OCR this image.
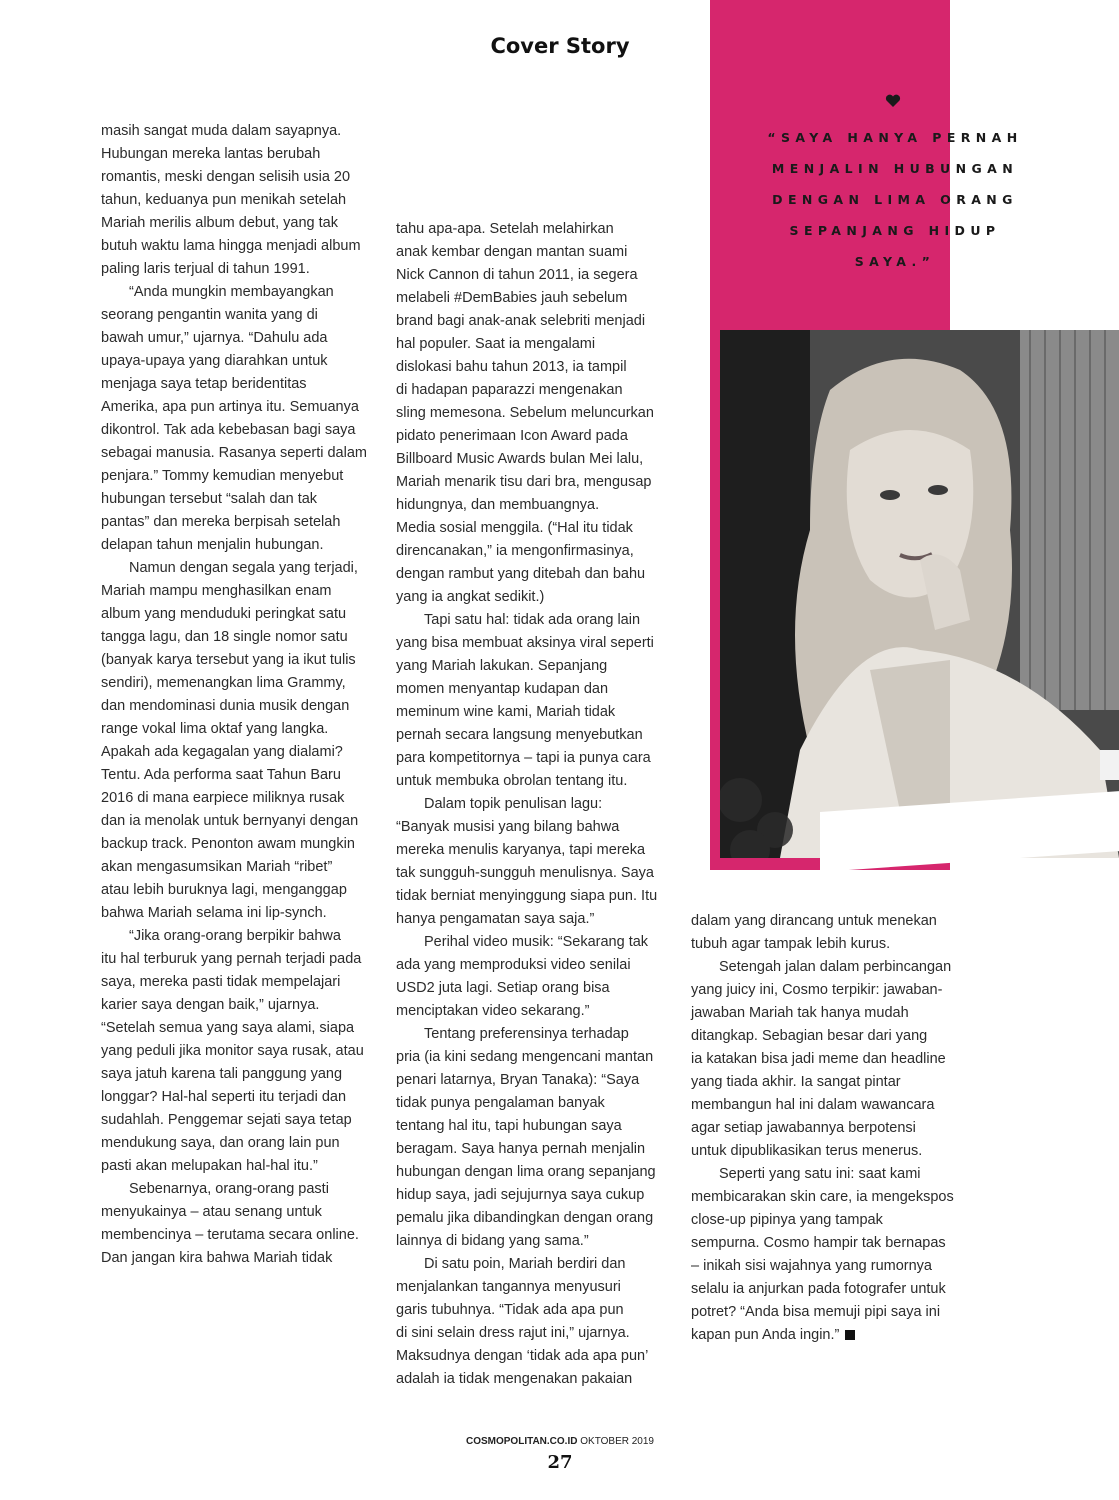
Cover Story
“SAYA HANYA PERNAH
MENJALIN HUBUNGAN
DENGAN LIMA ORANG
SEPANJANG HIDUP
SAYA.”
masih sangat muda dalam sayapnya.
Hubungan mereka lantas berubah
romantis, meski dengan selisih usia 20
tahun, keduanya pun menikah setelah
Mariah merilis album debut, yang tak
butuh waktu lama hingga menjadi album
paling laris terjual di tahun 1991.
“Anda mungkin membayangkan
seorang pengantin wanita yang di
bawah umur,” ujarnya. “Dahulu ada
upaya-upaya yang diarahkan untuk
menjaga saya tetap beridentitas
Amerika, apa pun artinya itu. Semuanya
dikontrol. Tak ada kebebasan bagi saya
sebagai manusia. Rasanya seperti dalam
penjara.” Tommy kemudian menyebut
hubungan tersebut “salah dan tak
pantas” dan mereka berpisah setelah
delapan tahun menjalin hubungan.
Namun dengan segala yang terjadi,
Mariah mampu menghasilkan enam
album yang menduduki peringkat satu
tangga lagu, dan 18 single nomor satu
(banyak karya tersebut yang ia ikut tulis
sendiri), memenangkan lima Grammy,
dan mendominasi dunia musik dengan
range vokal lima oktaf yang langka.
Apakah ada kegagalan yang dialami?
Tentu. Ada performa saat Tahun Baru
2016 di mana earpiece miliknya rusak
dan ia menolak untuk bernyanyi dengan
backup track. Penonton awam mungkin
akan mengasumsikan Mariah “ribet”
atau lebih buruknya lagi, menganggap
bahwa Mariah selama ini lip-synch.
“Jika orang-orang berpikir bahwa
itu hal terburuk yang pernah terjadi pada
saya, mereka pasti tidak mempelajari
karier saya dengan baik,” ujarnya.
“Setelah semua yang saya alami, siapa
yang peduli jika monitor saya rusak, atau
saya jatuh karena tali panggung yang
longgar? Hal-hal seperti itu terjadi dan
sudahlah. Penggemar sejati saya tetap
mendukung saya, dan orang lain pun
pasti akan melupakan hal-hal itu.”
Sebenarnya, orang-orang pasti
menyukainya – atau senang untuk
membencinya – terutama secara online.
Dan jangan kira bahwa Mariah tidak
tahu apa-apa. Setelah melahirkan
anak kembar dengan mantan suami
Nick Cannon di tahun 2011, ia segera
melabeli #DemBabies jauh sebelum
brand bagi anak-anak selebriti menjadi
hal populer. Saat ia mengalami
dislokasi bahu tahun 2013, ia tampil
di hadapan paparazzi mengenakan
sling memesona. Sebelum meluncurkan
pidato penerimaan Icon Award pada
Billboard Music Awards bulan Mei lalu,
Mariah menarik tisu dari bra, mengusap
hidungnya, dan membuangnya.
Media sosial menggila. (“Hal itu tidak
direncanakan,” ia mengonfirmasinya,
dengan rambut yang ditebah dan bahu
yang ia angkat sedikit.)
Tapi satu hal: tidak ada orang lain
yang bisa membuat aksinya viral seperti
yang Mariah lakukan. Sepanjang
momen menyantap kudapan dan
meminum wine kami, Mariah tidak
pernah secara langsung menyebutkan
para kompetitornya – tapi ia punya cara
untuk membuka obrolan tentang itu.
Dalam topik penulisan lagu:
“Banyak musisi yang bilang bahwa
mereka menulis karyanya, tapi mereka
tak sungguh-sungguh menulisnya. Saya
tidak berniat menyinggung siapa pun. Itu
hanya pengamatan saya saja.”
Perihal video musik: “Sekarang tak
ada yang memproduksi video senilai
USD2 juta lagi. Setiap orang bisa
menciptakan video sekarang.”
Tentang preferensinya terhadap
pria (ia kini sedang mengencani mantan
penari latarnya, Bryan Tanaka): “Saya
tidak punya pengalaman banyak
tentang hal itu, tapi hubungan saya
beragam. Saya hanya pernah menjalin
hubungan dengan lima orang sepanjang
hidup saya, jadi sejujurnya saya cukup
pemalu jika dibandingkan dengan orang
lainnya di bidang yang sama.”
Di satu poin, Mariah berdiri dan
menjalankan tangannya menyusuri
garis tubuhnya. “Tidak ada apa pun
di sini selain dress rajut ini,” ujarnya.
Maksudnya dengan ‘tidak ada apa pun’
adalah ia tidak mengenakan pakaian
dalam yang dirancang untuk menekan
tubuh agar tampak lebih kurus.
Setengah jalan dalam perbincangan
yang juicy ini, Cosmo terpikir: jawaban-
jawaban Mariah tak hanya mudah
ditangkap. Sebagian besar dari yang
ia katakan bisa jadi meme dan headline
yang tiada akhir. Ia sangat pintar
membangun hal ini dalam wawancara
agar setiap jawabannya berpotensi
untuk dipublikasikan terus menerus.
Seperti yang satu ini: saat kami
membicarakan skin care, ia mengekspos
close-up pipinya yang tampak
sempurna. Cosmo hampir tak bernapas
– inikah sisi wajahnya yang rumornya
selalu ia anjurkan pada fotografer untuk
potret? “Anda bisa memuji pipi saya ini
kapan pun Anda ingin.”
COSMOPOLITAN.CO.ID OKTOBER 2019
27
